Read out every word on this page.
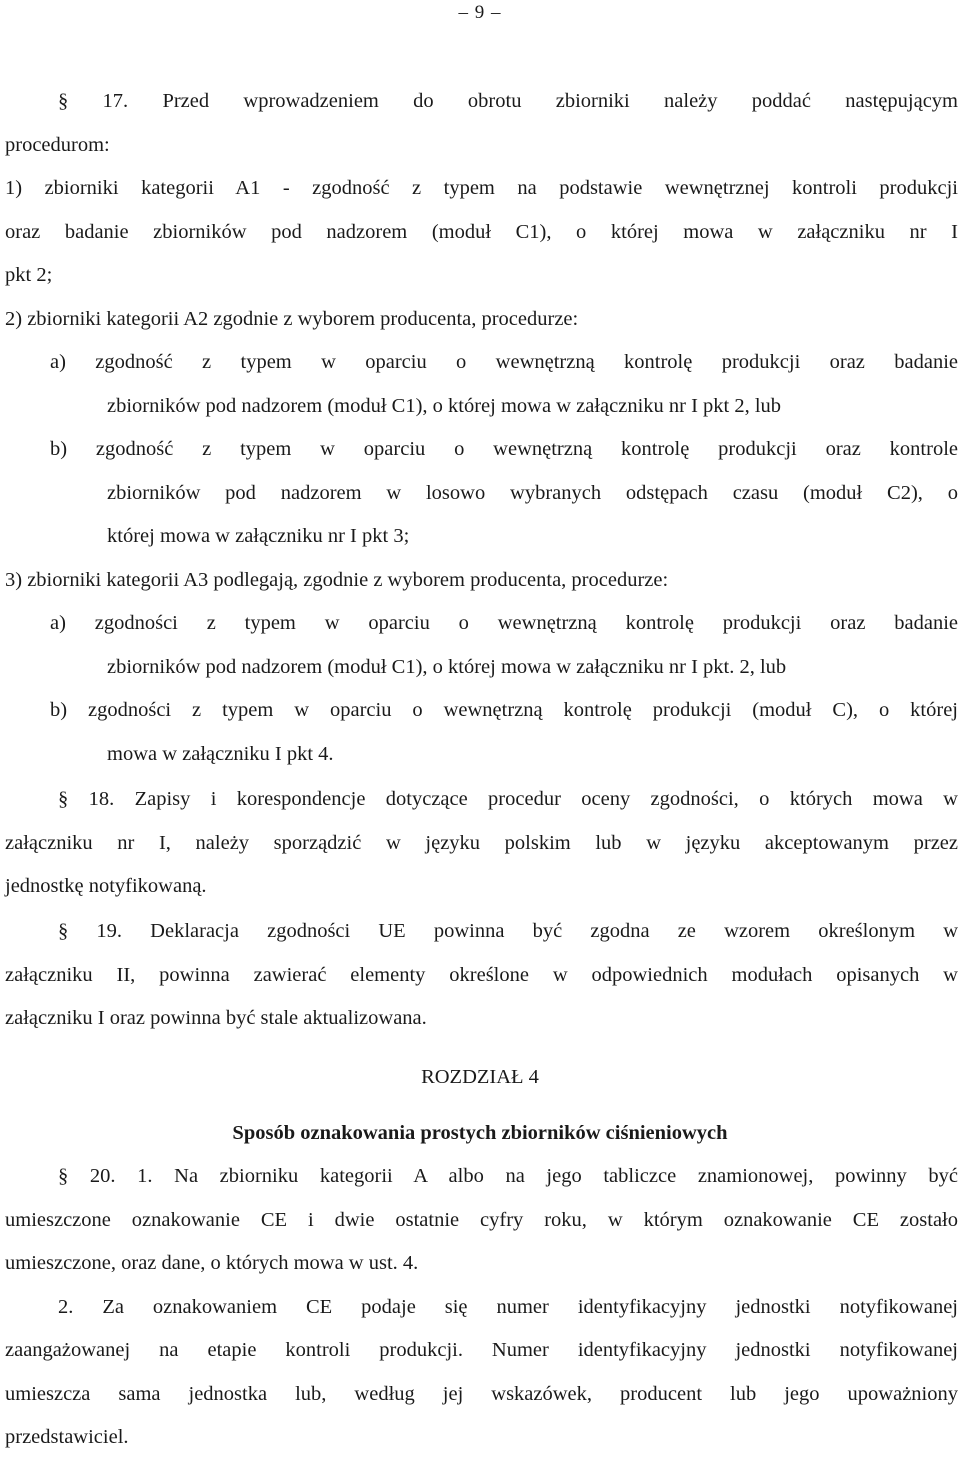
– 9 –

§ 17. Przed wprowadzeniem do obrotu zbiorniki należy poddać następującym

procedurom:

1) zbiorniki kategorii A1 - zgodność z typem na podstawie wewnętrznej kontroli produkcji

oraz badanie zbiorników pod nadzorem (moduł C1), o której mowa w załączniku nr I

pkt 2;

2) zbiorniki kategorii A2 zgodnie z wyborem producenta, procedurze:

a) zgodność z typem w oparciu o wewnętrzną kontrolę produkcji oraz badanie

zbiorników pod nadzorem (moduł C1), o której mowa w załączniku nr I pkt 2, lub

b) zgodność z typem w oparciu o wewnętrzną kontrolę produkcji oraz kontrole

zbiorników pod nadzorem w losowo wybranych odstępach czasu (moduł C2), o

której mowa w załączniku nr I pkt 3;

3) zbiorniki kategorii A3 podlegają, zgodnie z wyborem producenta, procedurze:

a) zgodności z typem w oparciu o wewnętrzną kontrolę produkcji oraz badanie

zbiorników pod nadzorem (moduł C1), o której mowa w załączniku nr I pkt. 2, lub

b) zgodności z typem w oparciu o wewnętrzną kontrolę produkcji (moduł C), o której

mowa w załączniku I pkt 4.

§ 18. Zapisy i korespondencje dotyczące procedur oceny zgodności, o których mowa w

załączniku nr I, należy sporządzić w języku polskim lub w języku akceptowanym przez

jednostkę notyfikowaną.

§ 19. Deklaracja zgodności UE powinna być zgodna ze wzorem określonym w

załączniku II, powinna zawierać elementy określone w odpowiednich modułach opisanych w

załączniku I oraz powinna być stale aktualizowana.

ROZDZIAŁ 4
Sposób oznakowania prostych zbiorników ciśnieniowych

§ 20. 1. Na zbiorniku kategorii A albo na jego tabliczce znamionowej, powinny być

umieszczone oznakowanie CE i dwie ostatnie cyfry roku, w którym oznakowanie CE zostało

umieszczone, oraz dane, o których mowa w ust. 4.

2. Za oznakowaniem CE podaje się numer identyfikacyjny jednostki notyfikowanej

zaangażowanej na etapie kontroli produkcji. Numer identyfikacyjny jednostki notyfikowanej

umieszcza sama jednostka lub, według jej wskazówek, producent lub jego upoważniony

przedstawiciel.
